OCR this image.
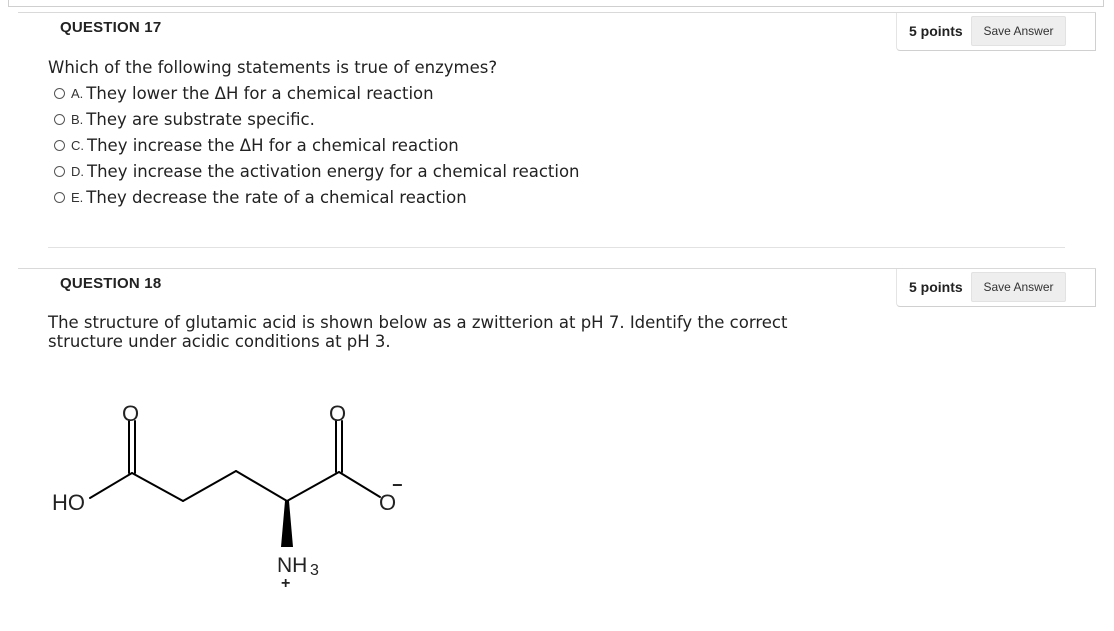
QUESTION 17	5 points	Save Answer

Which of the following statements is true of enzymes?

A. They lower the ΔH for a chemical reaction
B. They are substrate specific.
C. They increase the ΔH for a chemical reaction
D. They increase the activation energy for a chemical reaction
E. They decrease the rate of a chemical reaction
QUESTION 18	5 points	Save Answer

The structure of glutamic acid is shown below as a zwitterion at pH 7. Identify the correct

structure under acidic conditions at pH 3.

HO
O	O
O
−
NH 3
+
